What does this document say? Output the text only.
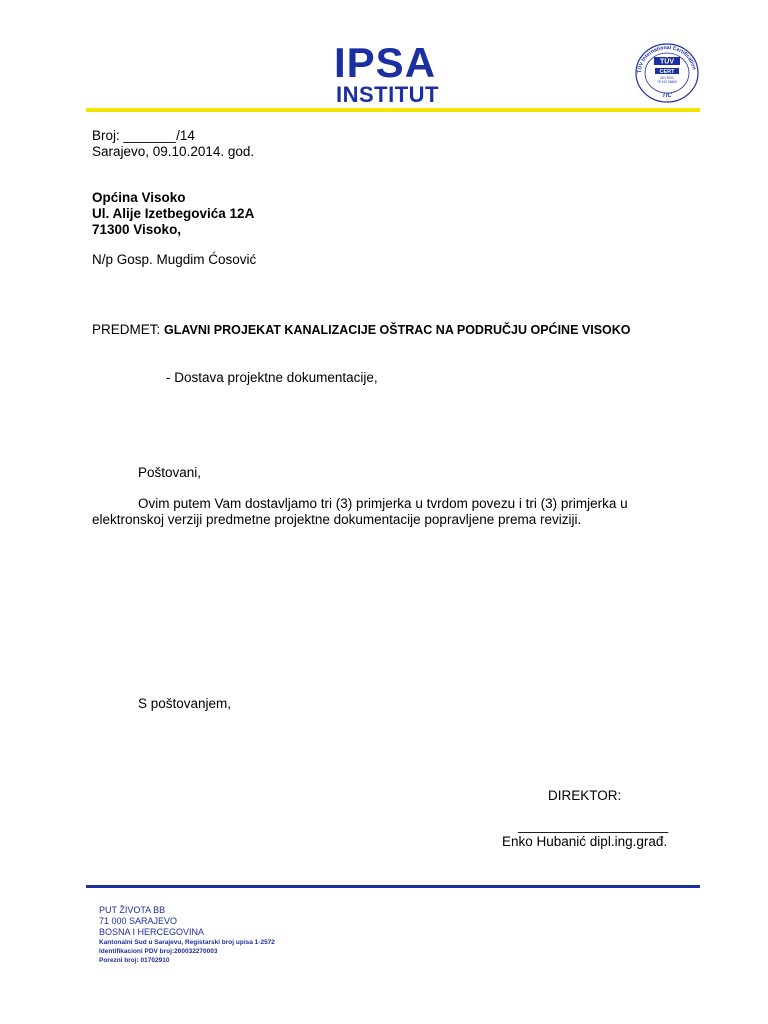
IPSA
INSTITUT
TÜV International Certification
TÜV
CERT
ISO 9001
75 100 03660
TIC
Broj: _______/14
Sarajevo, 09.10.2014. god.
Općina Visoko
Ul. Alije Izetbegovića 12A
71300 Visoko,
N/p Gosp. Mugdim Ćosović
PREDMET: GLAVNI PROJEKAT KANALIZACIJE OŠTRAC NA PODRUČJU OPĆINE VISOKO
- Dostava projektne dokumentacije,
Poštovani,
Ovim putem Vam dostavljamo tri (3) primjerka u tvrdom povezu i tri (3) primjerka u
elektronskoj verziji predmetne projektne dokumentacije popravljene prema reviziji.
S poštovanjem,
DIREKTOR:
____________________
Enko Hubanić dipl.ing.građ.
PUT ŽIVOTA BB
71 000 SARAJEVO
BOSNA I HERCEGOVINA
Kantonalni Sud u Sarajevu, Registarski broj upisa 1-2572
Identifikacioni PDV broj:200032270003
Porezni broj: 01702910
